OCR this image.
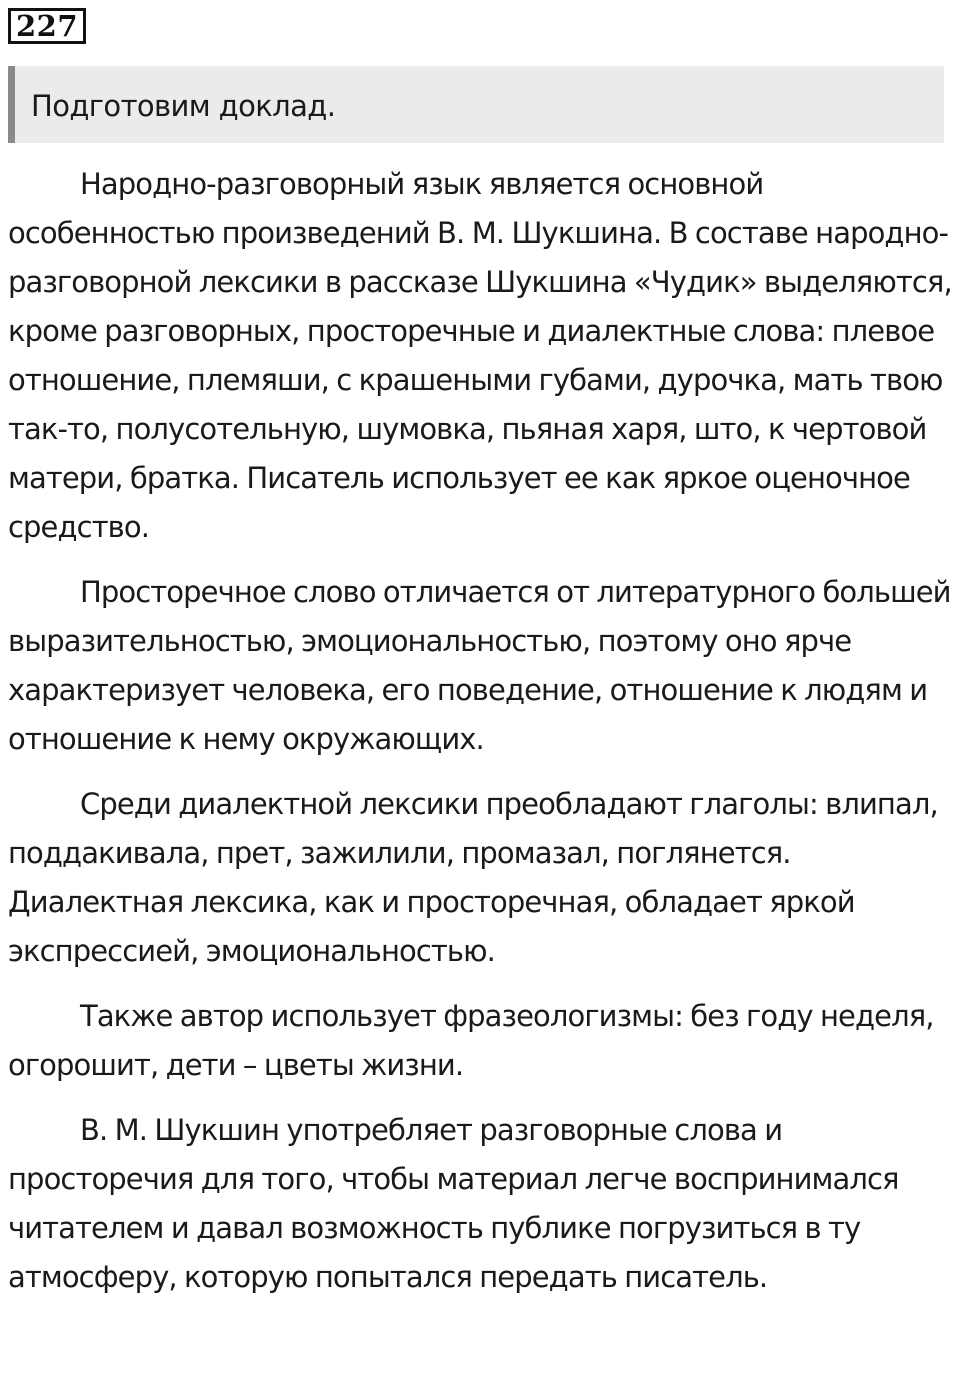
227
Подготовим доклад.

Народно-разговорный язык является основной особенностью произведений В. М. Шукшина. В составе народно-разговорной лексики в рассказе Шукшина «Чудик» выделяются, кроме разговорных, просторечные и диалектные слова: плевое отношение, племяши, с крашеными губами, дурочка, мать твою так-то, полусотельную, шумовка, пьяная харя, што, к чертовой матери, братка. Писатель использует ее как яркое оценочное средство.

Просторечное слово отличается от литературного большей выразительностью, эмоциональностью, поэтому оно ярче характеризует человека, его поведение, отношение к людям и отношение к нему окружающих.

Среди диалектной лексики преобладают глаголы: влипал, поддакивала, прет, зажилили, промазал, поглянется. Диалектная лексика, как и просторечная, обладает яркой экспрессией, эмоциональностью.

Также автор использует фразеологизмы: без году неделя, огорошит, дети – цветы жизни.

В. М. Шукшин употребляет разговорные слова и просторечия для того, чтобы материал легче воспринимался читателем и давал возможность публике погрузиться в ту атмосферу, которую попытался передать писатель.
